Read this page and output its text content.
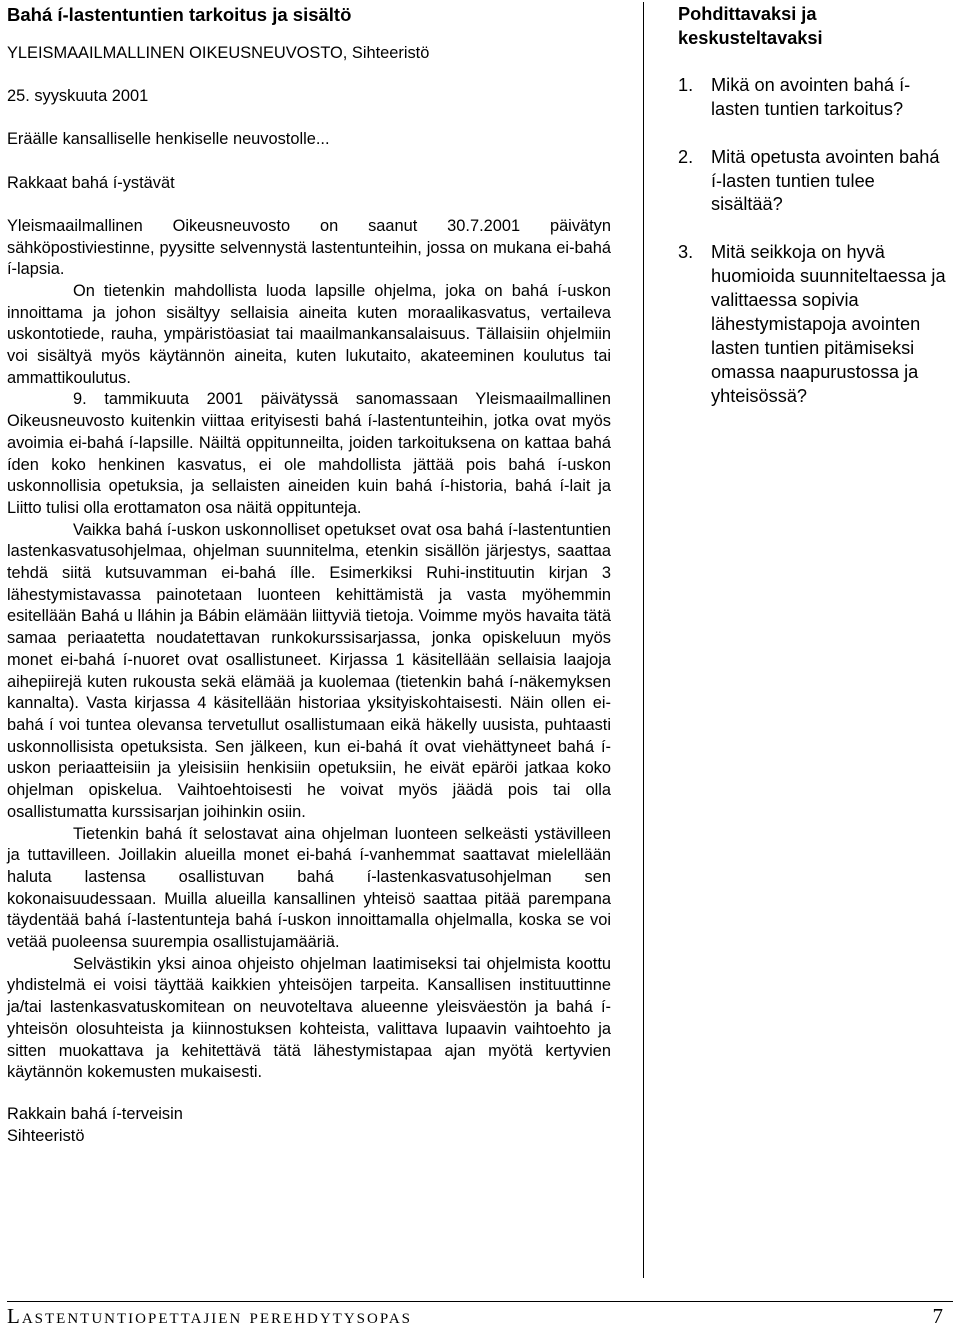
Bahá í-lastentuntien tarkoitus ja sisältö
YLEISMAAILMALLINEN OIKEUSNEUVOSTO, Sihteeristö
25. syyskuuta 2001
Eräälle kansalliselle henkiselle neuvostolle...
Rakkaat bahá í-ystävät

Yleismaailmallinen Oikeusneuvosto on saanut 30.7.2001 päivätyn sähköpostiviestinne, pyysitte selvennystä lastentunteihin, jossa on mukana ei-bahá í-lapsia.

On tietenkin mahdollista luoda lapsille ohjelma, joka on bahá í-uskon innoittama ja johon sisältyy sellaisia aineita kuten moraalikasvatus, vertaileva uskontotiede, rauha, ympäristöasiat tai maailmankansalaisuus. Tällaisiin ohjelmiin voi sisältyä myös käytännön aineita, kuten lukutaito, akateeminen koulutus tai ammattikoulutus.

9. tammikuuta 2001 päivätyssä sanomassaan Yleismaailmallinen Oikeusneuvosto kuitenkin viittaa erityisesti bahá í-lastentunteihin, jotka ovat myös avoimia ei-bahá í-lapsille. Näiltä oppitunneilta, joiden tarkoituksena on kattaa bahá íden koko henkinen kasvatus, ei ole mahdollista jättää pois bahá í-uskon uskonnollisia opetuksia, ja sellaisten aineiden kuin bahá í-historia, bahá í-lait ja Liitto tulisi olla erottamaton osa näitä oppitunteja.

Vaikka bahá í-uskon uskonnolliset opetukset ovat osa bahá í-lastentuntien lastenkasvatusohjelmaa, ohjelman suunnitelma, etenkin sisällön järjestys, saattaa tehdä siitä kutsuvamman ei-bahá ílle. Esimerkiksi Ruhi-instituutin kirjan 3 lähestymistavassa painotetaan luonteen kehittämistä ja vasta myöhemmin esitellään Bahá u lláhin ja Bábin elämään liittyviä tietoja. Voimme myös havaita tätä samaa periaatetta noudatettavan runkokurssisarjassa, jonka opiskeluun myös monet ei-bahá í-nuoret ovat osallistuneet. Kirjassa 1 käsitellään sellaisia laajoja aihepiirejä kuten rukousta sekä elämää ja kuolemaa (tietenkin bahá í-näkemyksen kannalta). Vasta kirjassa 4 käsitellään historiaa yksityiskohtaisesti. Näin ollen ei-bahá í voi tuntea olevansa tervetullut osallistumaan eikä häkelly uusista, puhtaasti uskonnollisista opetuksista. Sen jälkeen, kun ei-bahá ít ovat viehättyneet bahá í-uskon periaatteisiin ja yleisisiin henkisiin opetuksiin, he eivät epäröi jatkaa koko ohjelman opiskelua. Vaihtoehtoisesti he voivat myös jäädä pois tai olla osallistumatta kurssisarjan joihinkin osiin.

Tietenkin bahá ít selostavat aina ohjelman luonteen selkeästi ystävilleen ja tuttavilleen. Joillakin alueilla monet ei-bahá í-vanhemmat saattavat mielellään haluta lastensa osallistuvan bahá í-lastenkasvatusohjelman sen kokonaisuudessaan. Muilla alueilla kansallinen yhteisö saattaa pitää parempana täydentää bahá í-lastentunteja bahá í-uskon innoittamalla ohjelmalla, koska se voi vetää puoleensa suurempia osallistujamääriä.

Selvästikin yksi ainoa ohjeisto ohjelman laatimiseksi tai ohjelmista koottu yhdistelmä ei voisi täyttää kaikkien yhteisöjen tarpeita. Kansallisen instituuttinne ja/tai lastenkasvatuskomitean on neuvoteltava alueenne yleisväestön ja bahá í-yhteisön olosuhteista ja kiinnostuksen kohteista, valittava lupaavin vaihtoehto ja sitten muokattava ja kehitettävä tätä lähestymistapaa ajan myötä kertyvien käytännön kokemusten mukaisesti.

Rakkain bahá í-terveisin
Sihteeristö
Pohdittavaksi ja keskusteltavaksi
1. Mikä on avointen bahá í-lasten tuntien tarkoitus?
2. Mitä opetusta avointen bahá í-lasten tuntien tulee sisältää?
3. Mitä seikkoja on hyvä huomioida suunniteltaessa ja valittaessa sopivia lähestymistapoja avointen lasten tuntien pitämiseksi omassa naapurustossa ja yhteisössä?
Lastentuntiopettajien perehdytysopas	7
